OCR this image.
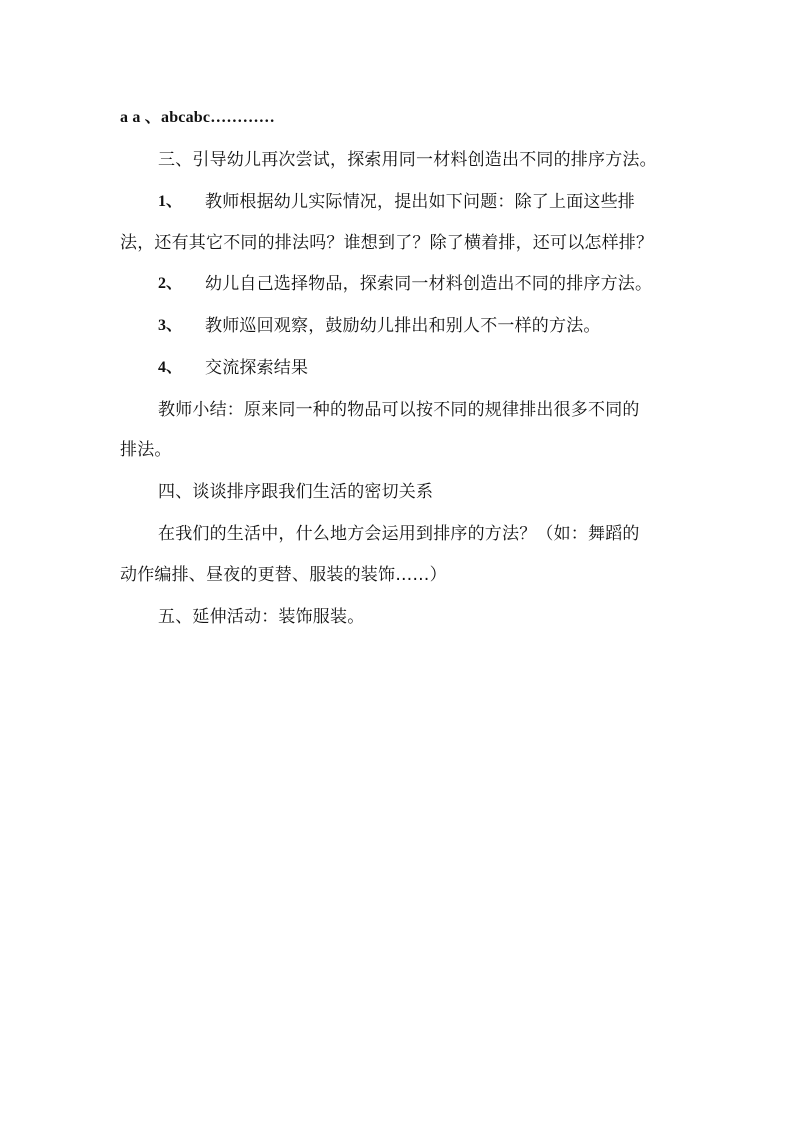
a a 、abcabc…………
三、引导幼儿再次尝试，探索用同一材料创造出不同的排序方法。
1、 教师根据幼儿实际情况，提出如下问题：除了上面这些排
法，还有其它不同的排法吗？谁想到了？除了横着排，还可以怎样排？
2、 幼儿自己选择物品，探索同一材料创造出不同的排序方法。
3、 教师巡回观察，鼓励幼儿排出和别人不一样的方法。
4、 交流探索结果
教师小结：原来同一种的物品可以按不同的规律排出很多不同的
排法。
四、谈谈排序跟我们生活的密切关系
在我们的生活中，什么地方会运用到排序的方法？（如：舞蹈的
动作编排、昼夜的更替、服装的装饰……）
五、延伸活动：装饰服装。
